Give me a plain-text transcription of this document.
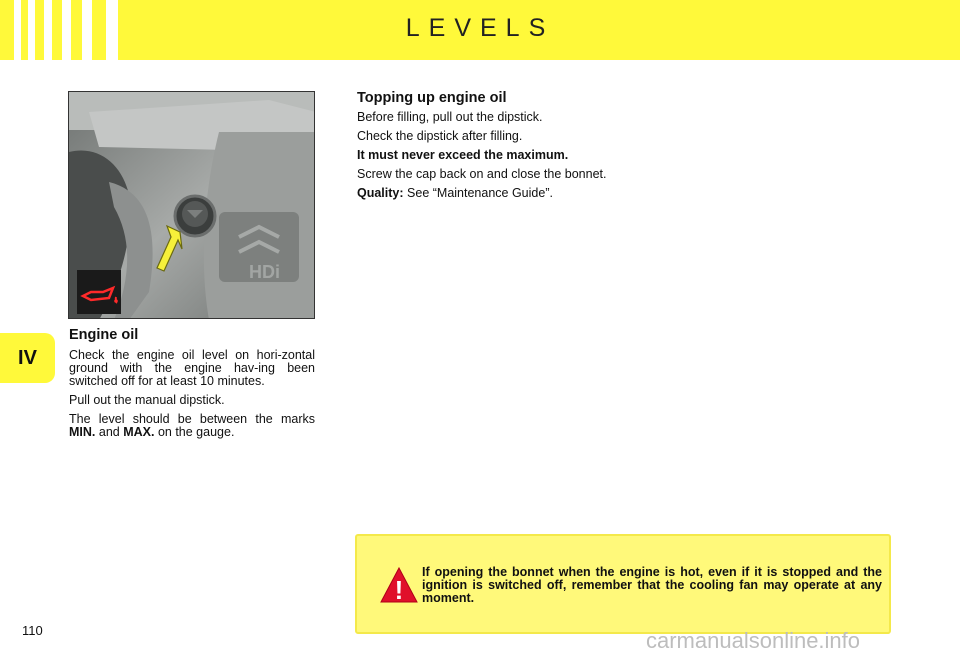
LEVELS
IV
HDi

Engine oil

Check the engine oil level on hori-zontal ground with the engine hav-ing been switched off for at least 10 minutes.

Pull out the manual dipstick.

The level should be between the marks MIN. and MAX. on the gauge.

Topping up engine oil

Before filling, pull out the dipstick.

Check the dipstick after filling.

It must never exceed the maximum.

Screw the cap back on and close the bonnet.

Quality: See “Maintenance Guide”.

!
If opening the bonnet when the engine is hot, even if it is stopped and the ignition is switched off, remember that the cooling fan may operate at any moment.
110	carmanualsonline.info
